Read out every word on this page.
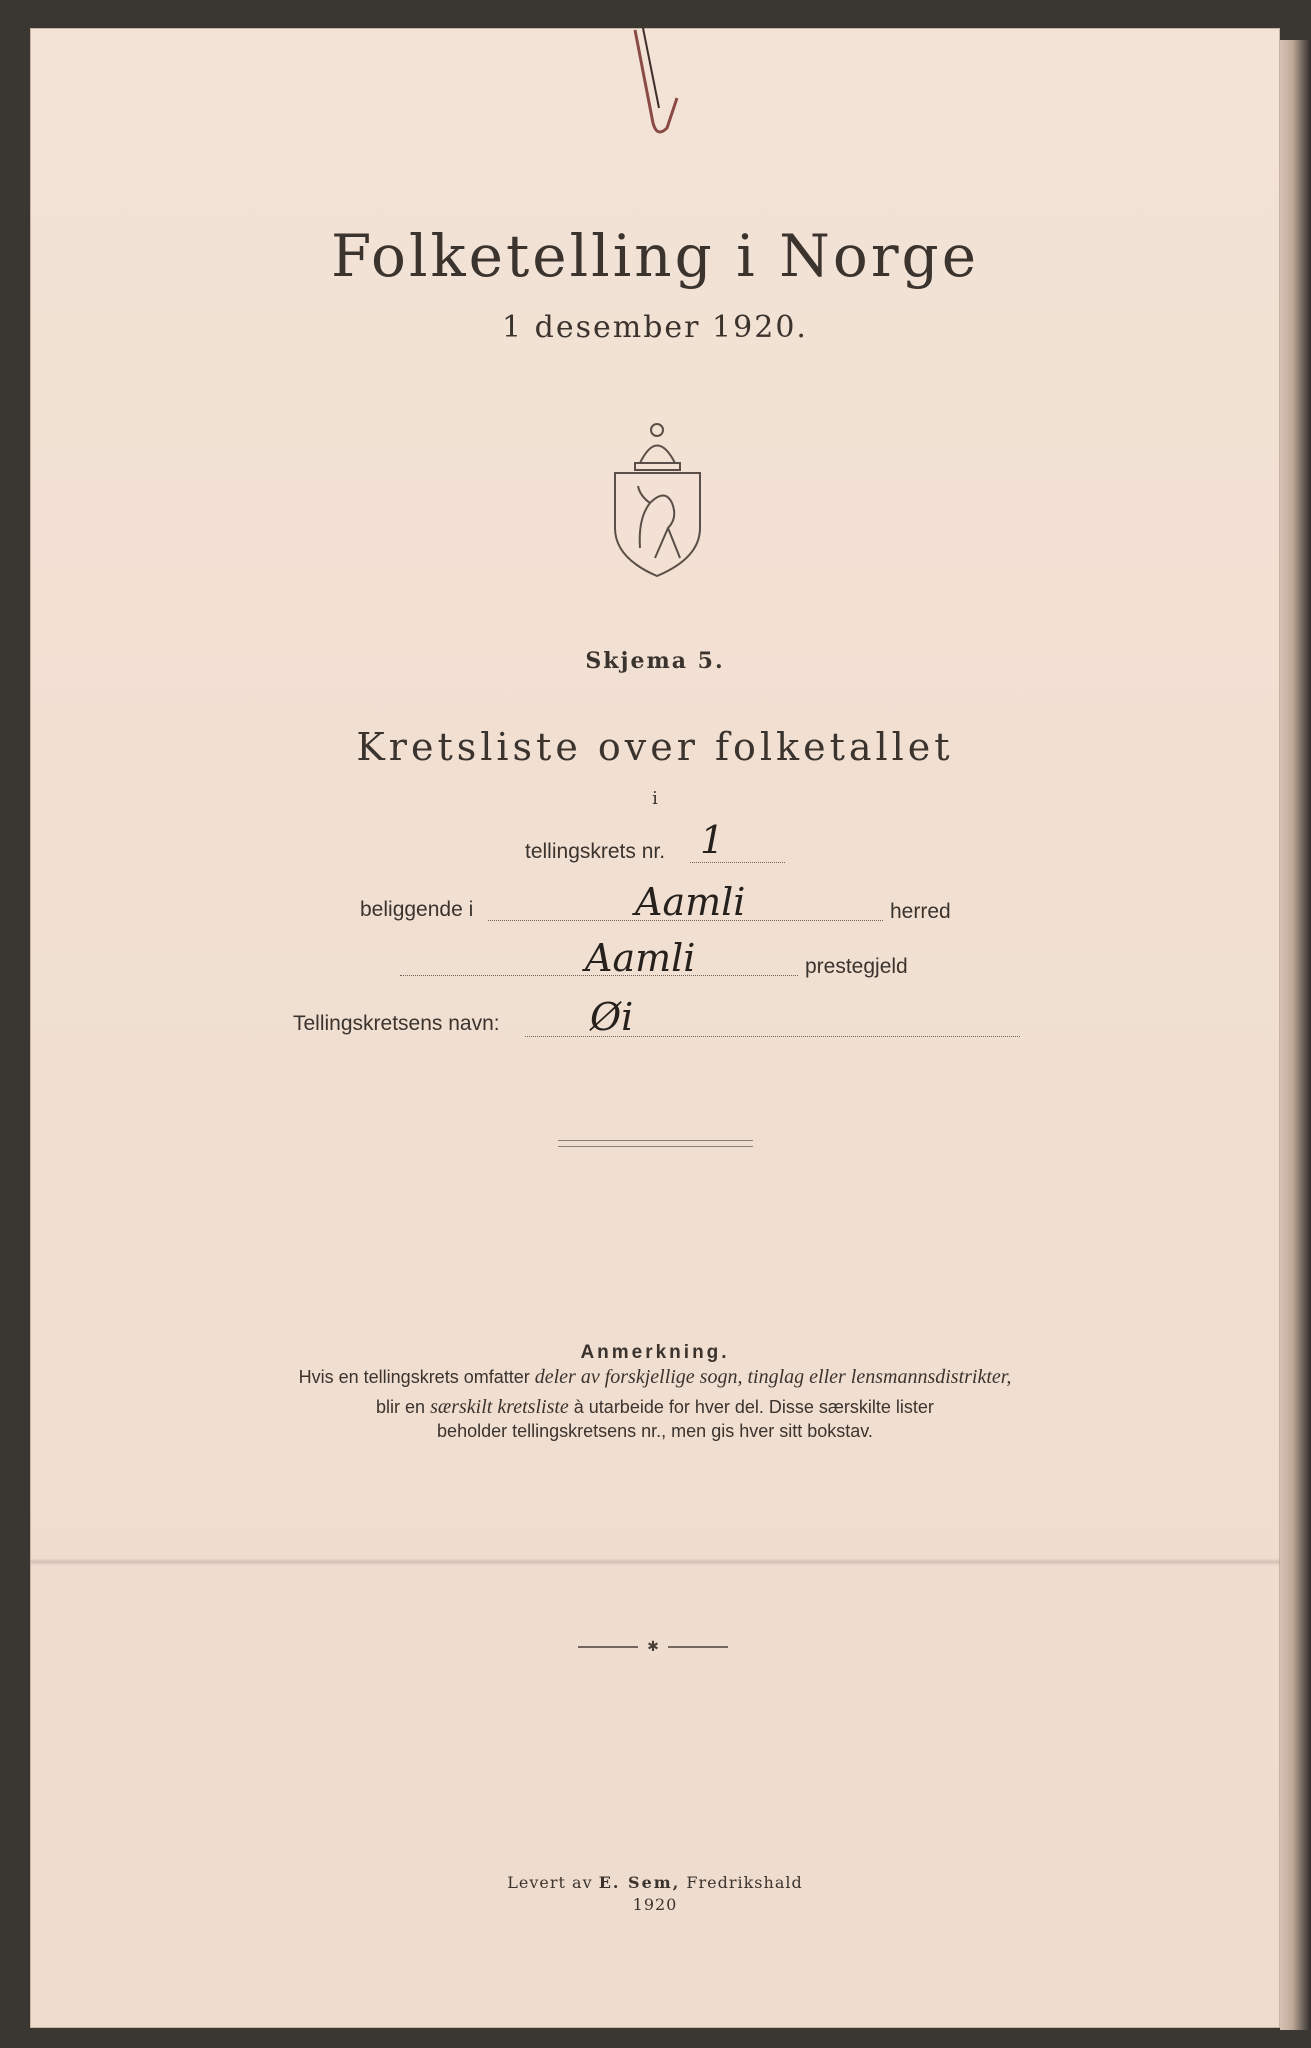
Folketelling i Norge
1 desember 1920.
Skjema 5.
Kretsliste over folketallet
i
tellingskrets nr. 1
beliggende i	Aamli	herred
Aamli	prestegjeld
Tellingskretsens navn: Øi
Anmerkning.
Hvis en tellingskrets omfatter deler av forskjellige sogn, tinglag eller lensmannsdistrikter,
blir en særskilt kretsliste à utarbeide for hver del. Disse særskilte lister
beholder tellingskretsens nr., men gis hver sitt bokstav.
✱
Levert av E. Sem, Fredrikshald
1920
